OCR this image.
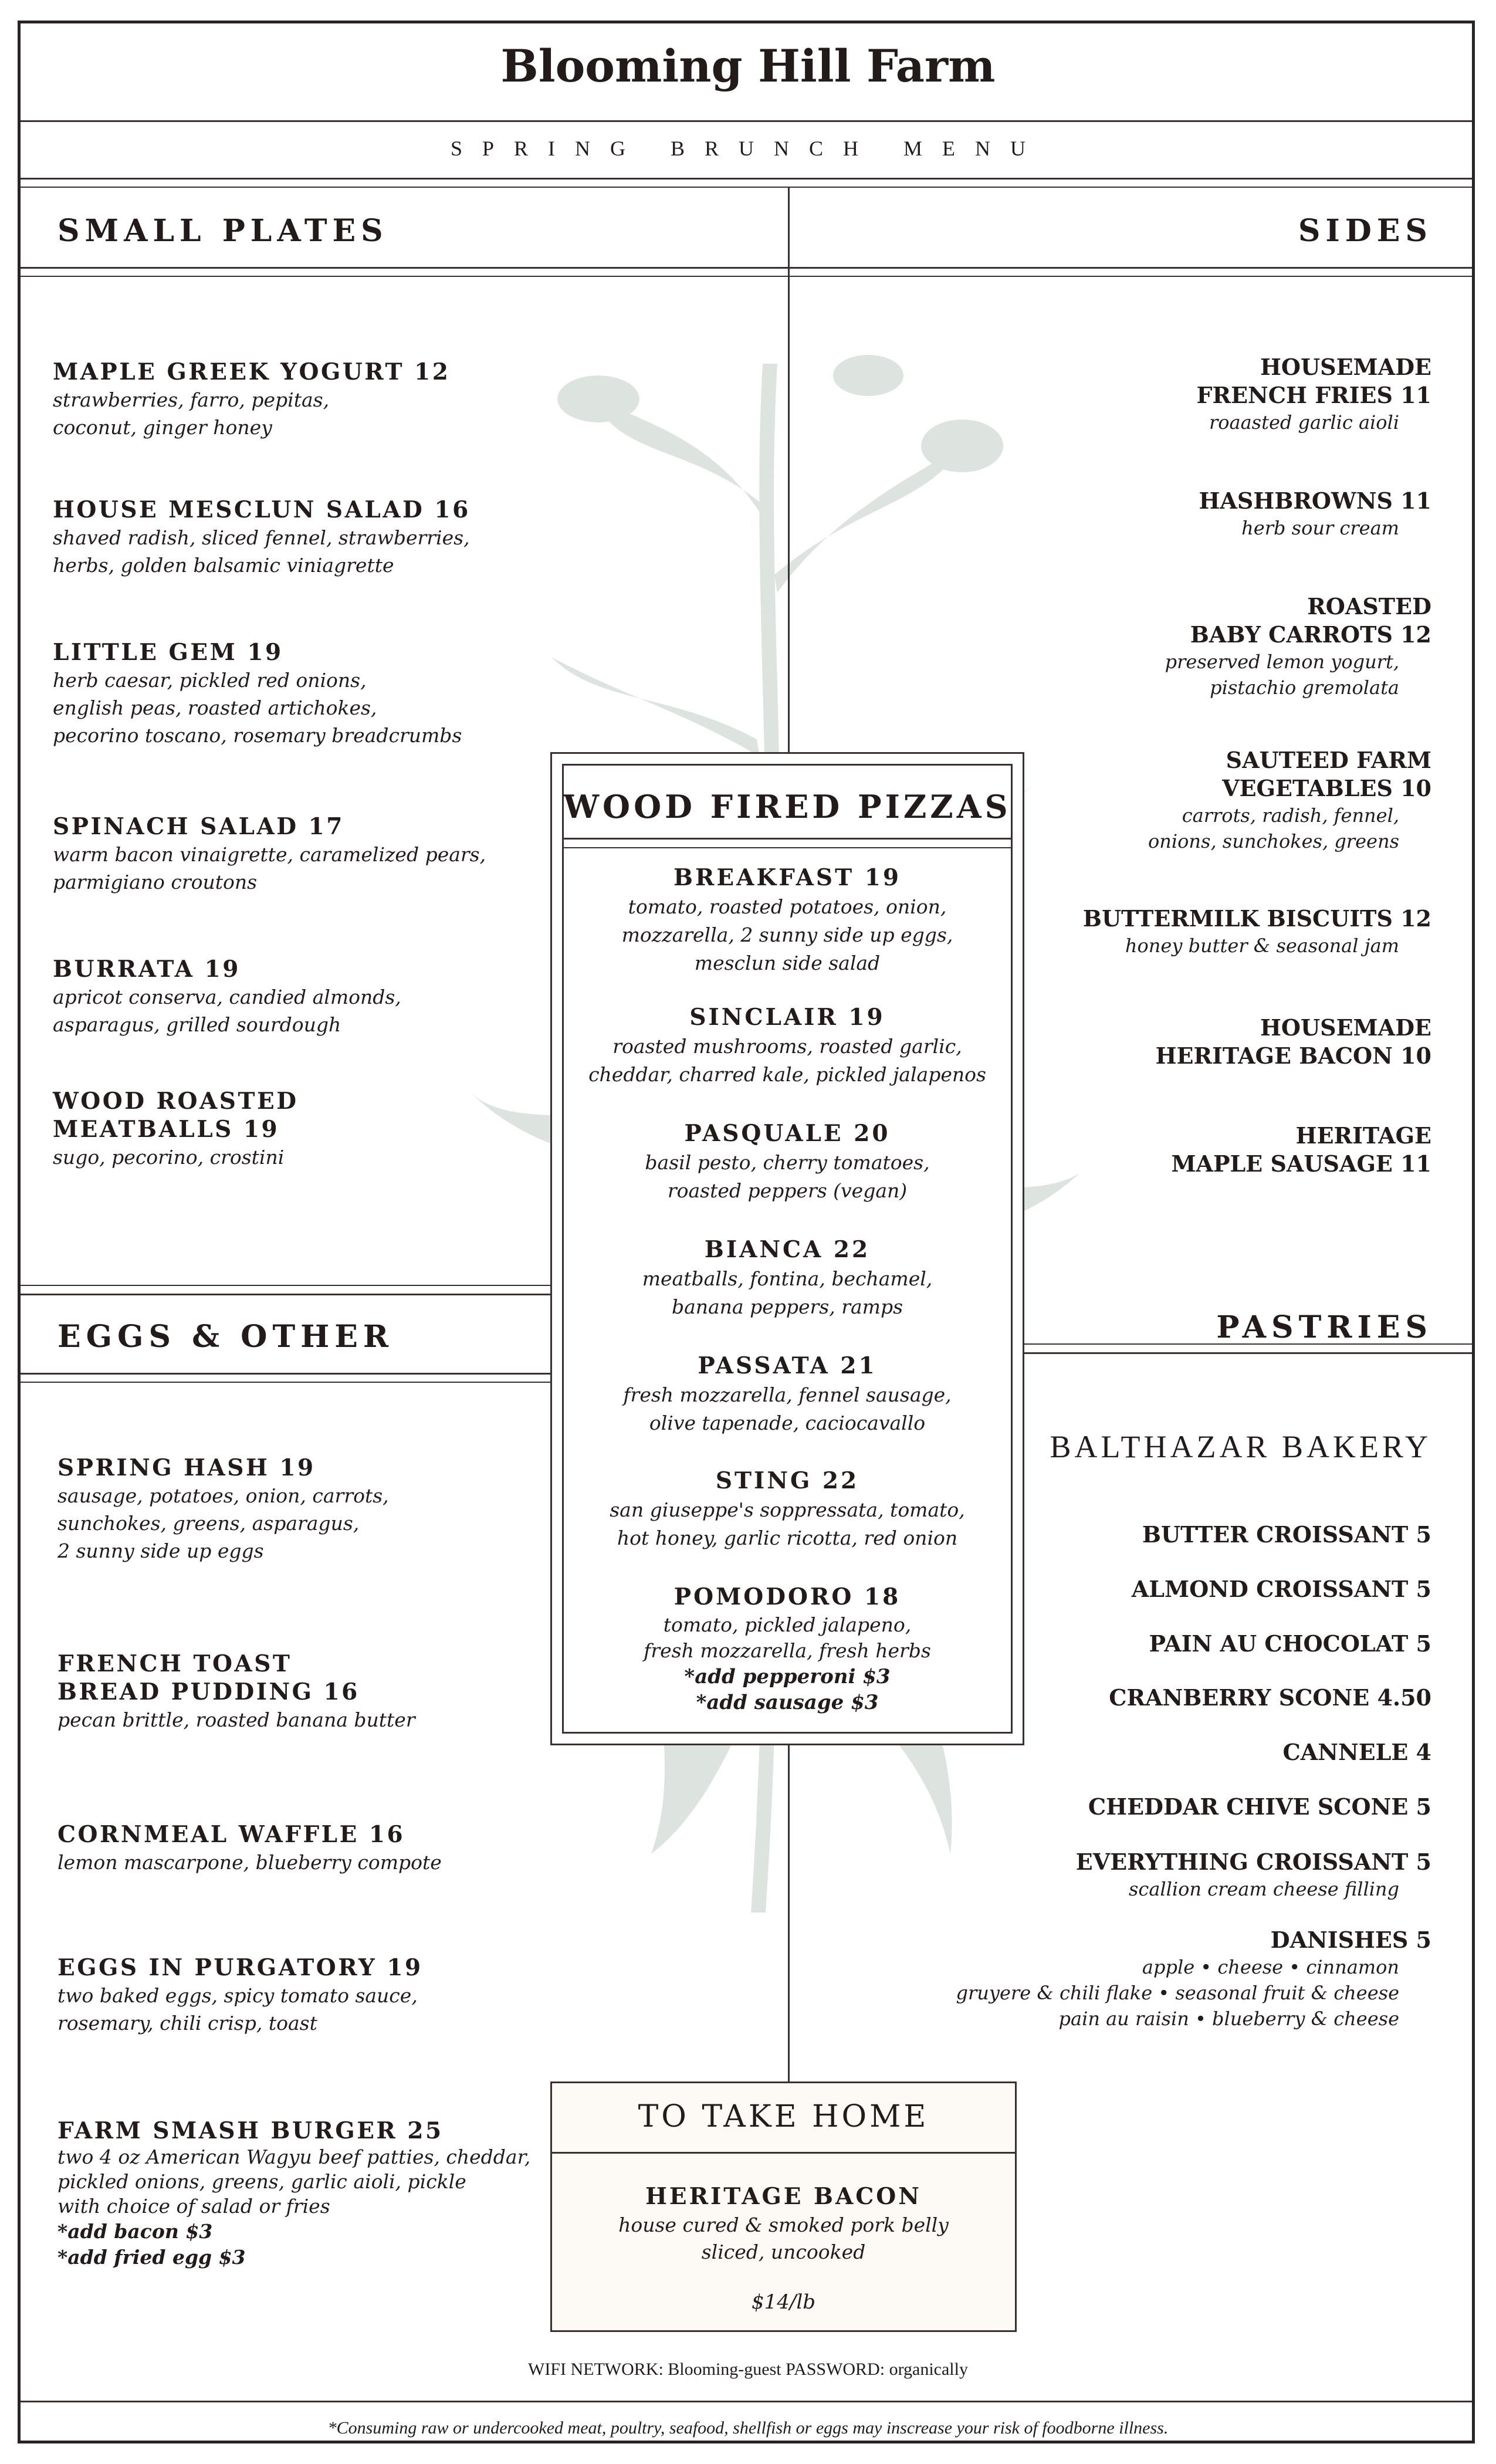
Blooming Hill Farm
SPRING BRUNCH MENU
SMALL PLATES
MAPLE GREEK YOGURT 12
strawberries, farro, pepitas,
coconut, ginger honey
HOUSE MESCLUN SALAD 16
shaved radish, sliced fennel, strawberries,
herbs, golden balsamic viniagrette
LITTLE GEM 19
herb caesar, pickled red onions,
english peas, roasted artichokes,
pecorino toscano, rosemary breadcrumbs
SPINACH SALAD 17
warm bacon vinaigrette, caramelized pears,
parmigiano croutons
BURRATA 19
apricot conserva, candied almonds,
asparagus, grilled sourdough
WOOD ROASTED
MEATBALLS 19
sugo, pecorino, crostini
SIDES
HOUSEMADE
FRENCH FRIES 11
roaasted garlic aioli
HASHBROWNS 11
herb sour cream
ROASTED
BABY CARROTS 12
preserved lemon yogurt,
pistachio gremolata
SAUTEED FARM
VEGETABLES 10
carrots, radish, fennel,
onions, sunchokes, greens
BUTTERMILK BISCUITS 12
honey butter & seasonal jam
HOUSEMADE
HERITAGE BACON 10
HERITAGE
MAPLE SAUSAGE 11
EGGS & OTHER
SPRING HASH 19
sausage, potatoes, onion, carrots,
sunchokes, greens, asparagus,
2 sunny side up eggs
FRENCH TOAST
BREAD PUDDING 16
pecan brittle, roasted banana butter
CORNMEAL WAFFLE 16
lemon mascarpone, blueberry compote
EGGS IN PURGATORY 19
two baked eggs, spicy tomato sauce,
rosemary, chili crisp, toast
FARM SMASH BURGER 25
two 4 oz American Wagyu beef patties, cheddar,
pickled onions, greens, garlic aioli, pickle
with choice of salad or fries
*add bacon $3
*add fried egg $3
PASTRIES
BALTHAZAR BAKERY
BUTTER CROISSANT 5
ALMOND CROISSANT 5
PAIN AU CHOCOLAT 5
CRANBERRY SCONE 4.50
CANNELE 4
CHEDDAR CHIVE SCONE 5
EVERYTHING CROISSANT 5
scallion cream cheese filling
DANISHES 5
apple • cheese • cinnamon
gruyere & chili flake • seasonal fruit & cheese
pain au raisin • blueberry & cheese
WOOD FIRED PIZZAS
BREAKFAST 19
tomato, roasted potatoes, onion,
mozzarella, 2 sunny side up eggs,
mesclun side salad
SINCLAIR 19
roasted mushrooms, roasted garlic,
cheddar, charred kale, pickled jalapenos
PASQUALE 20
basil pesto, cherry tomatoes,
roasted peppers (vegan)
BIANCA 22
meatballs, fontina, bechamel,
banana peppers, ramps
PASSATA 21
fresh mozzarella, fennel sausage,
olive tapenade, caciocavallo
STING 22
san giuseppe's soppressata, tomato,
hot honey, garlic ricotta, red onion
POMODORO 18
tomato, pickled jalapeno,
fresh mozzarella, fresh herbs
*add pepperoni $3
*add sausage $3
TO TAKE HOME
HERITAGE BACON
house cured & smoked pork belly
sliced, uncooked
$14/lb
WIFI NETWORK: Blooming-guest PASSWORD: organically
*Consuming raw or undercooked meat, poultry, seafood, shellfish or eggs may inscrease your risk of foodborne illness.
